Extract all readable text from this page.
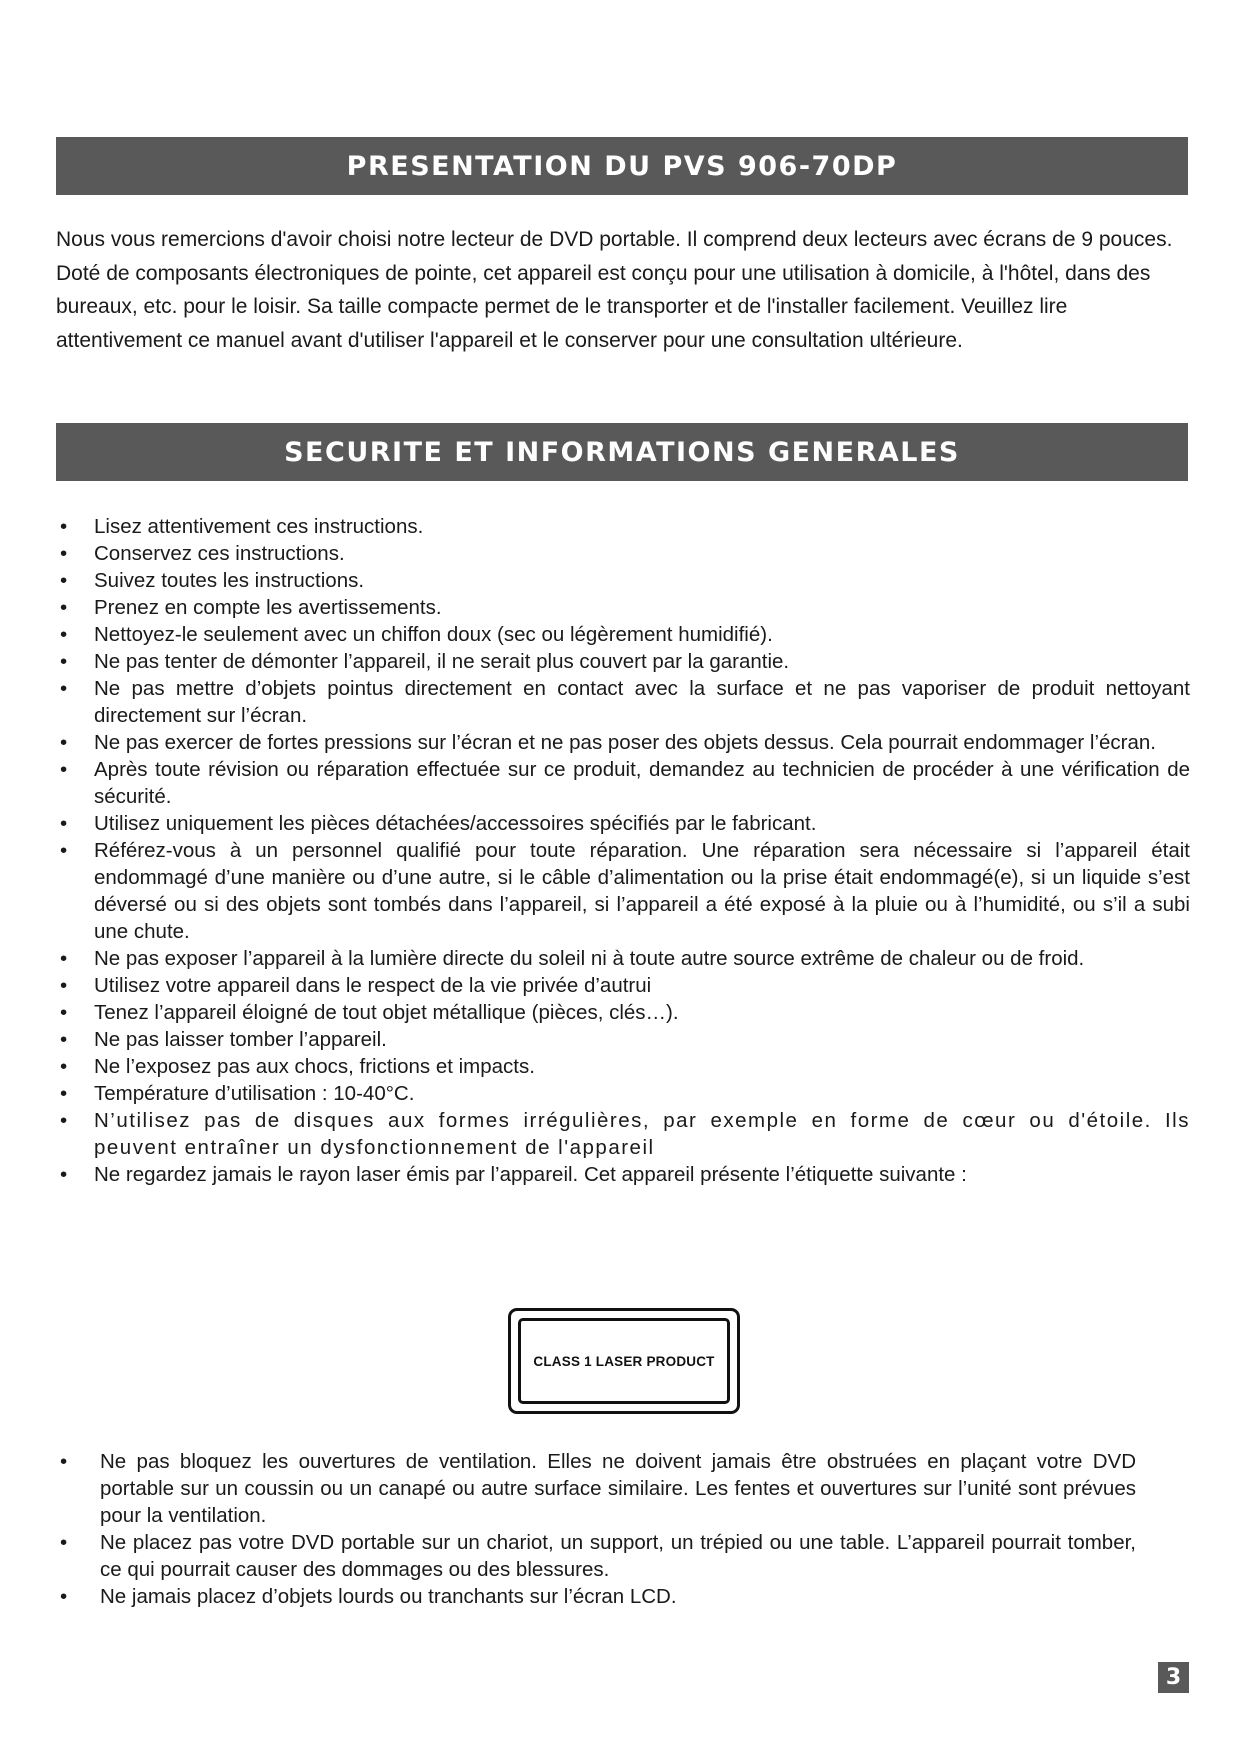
PRESENTATION DU PVS 906-70DP

Nous vous remercions d'avoir choisi notre lecteur de DVD portable. Il comprend deux lecteurs avec écrans de 9 pouces. Doté de composants électroniques de pointe, cet appareil est conçu pour une utilisation à domicile, à l'hôtel, dans des bureaux, etc. pour le loisir. Sa taille compacte permet de le transporter et de l'installer facilement. Veuillez lire attentivement ce manuel avant d'utiliser l'appareil et le conserver pour une consultation ultérieure.

SECURITE ET INFORMATIONS GENERALES
• Lisez attentivement ces instructions.
• Conservez ces instructions.
• Suivez toutes les instructions.
• Prenez en compte les avertissements.
• Nettoyez-le seulement avec un chiffon doux (sec ou légèrement humidifié).
• Ne pas tenter de démonter l’appareil, il ne serait plus couvert par la garantie.
• Ne pas mettre d’objets pointus directement en contact avec la surface et ne pas vaporiser de produit nettoyant directement sur l’écran.
• Ne pas exercer de fortes pressions sur l’écran et ne pas poser des objets dessus. Cela pourrait endommager l’écran.
• Après toute révision ou réparation effectuée sur ce produit, demandez au technicien de procéder à une vérification de sécurité.
• Utilisez uniquement les pièces détachées/accessoires spécifiés par le fabricant.
• Référez-vous à un personnel qualifié pour toute réparation. Une réparation sera nécessaire si l’appareil était endommagé d’une manière ou d’une autre, si le câble d’alimentation ou la prise était endommagé(e), si un liquide s’est déversé ou si des objets sont tombés dans l’appareil, si l’appareil a été exposé à la pluie ou à l’humidité, ou s’il a subi une chute.
• Ne pas exposer l’appareil à la lumière directe du soleil ni à toute autre source extrême de chaleur ou de froid.
• Utilisez votre appareil dans le respect de la vie privée d’autrui
• Tenez l’appareil éloigné de tout objet métallique (pièces, clés…).
• Ne pas laisser tomber l’appareil.
• Ne l’exposez pas aux chocs, frictions et impacts.
• Température d’utilisation : 10-40°C.
• N’utilisez pas de disques aux formes irrégulières, par exemple en forme de cœur ou d'étoile. Ils peuvent entraîner un dysfonctionnement de l'appareil
• Ne regardez jamais le rayon laser émis par l’appareil. Cet appareil présente l’étiquette suivante :
CLASS 1 LASER PRODUCT
• Ne pas bloquez les ouvertures de ventilation. Elles ne doivent jamais être obstruées en plaçant votre DVD portable sur un coussin ou un canapé ou autre surface similaire. Les fentes et ouvertures sur l’unité sont prévues pour la ventilation.
• Ne placez pas votre DVD portable sur un chariot, un support, un trépied ou une table. L’appareil pourrait tomber, ce qui pourrait causer des dommages ou des blessures.
• Ne jamais placez d’objets lourds ou tranchants sur l’écran LCD.
3
